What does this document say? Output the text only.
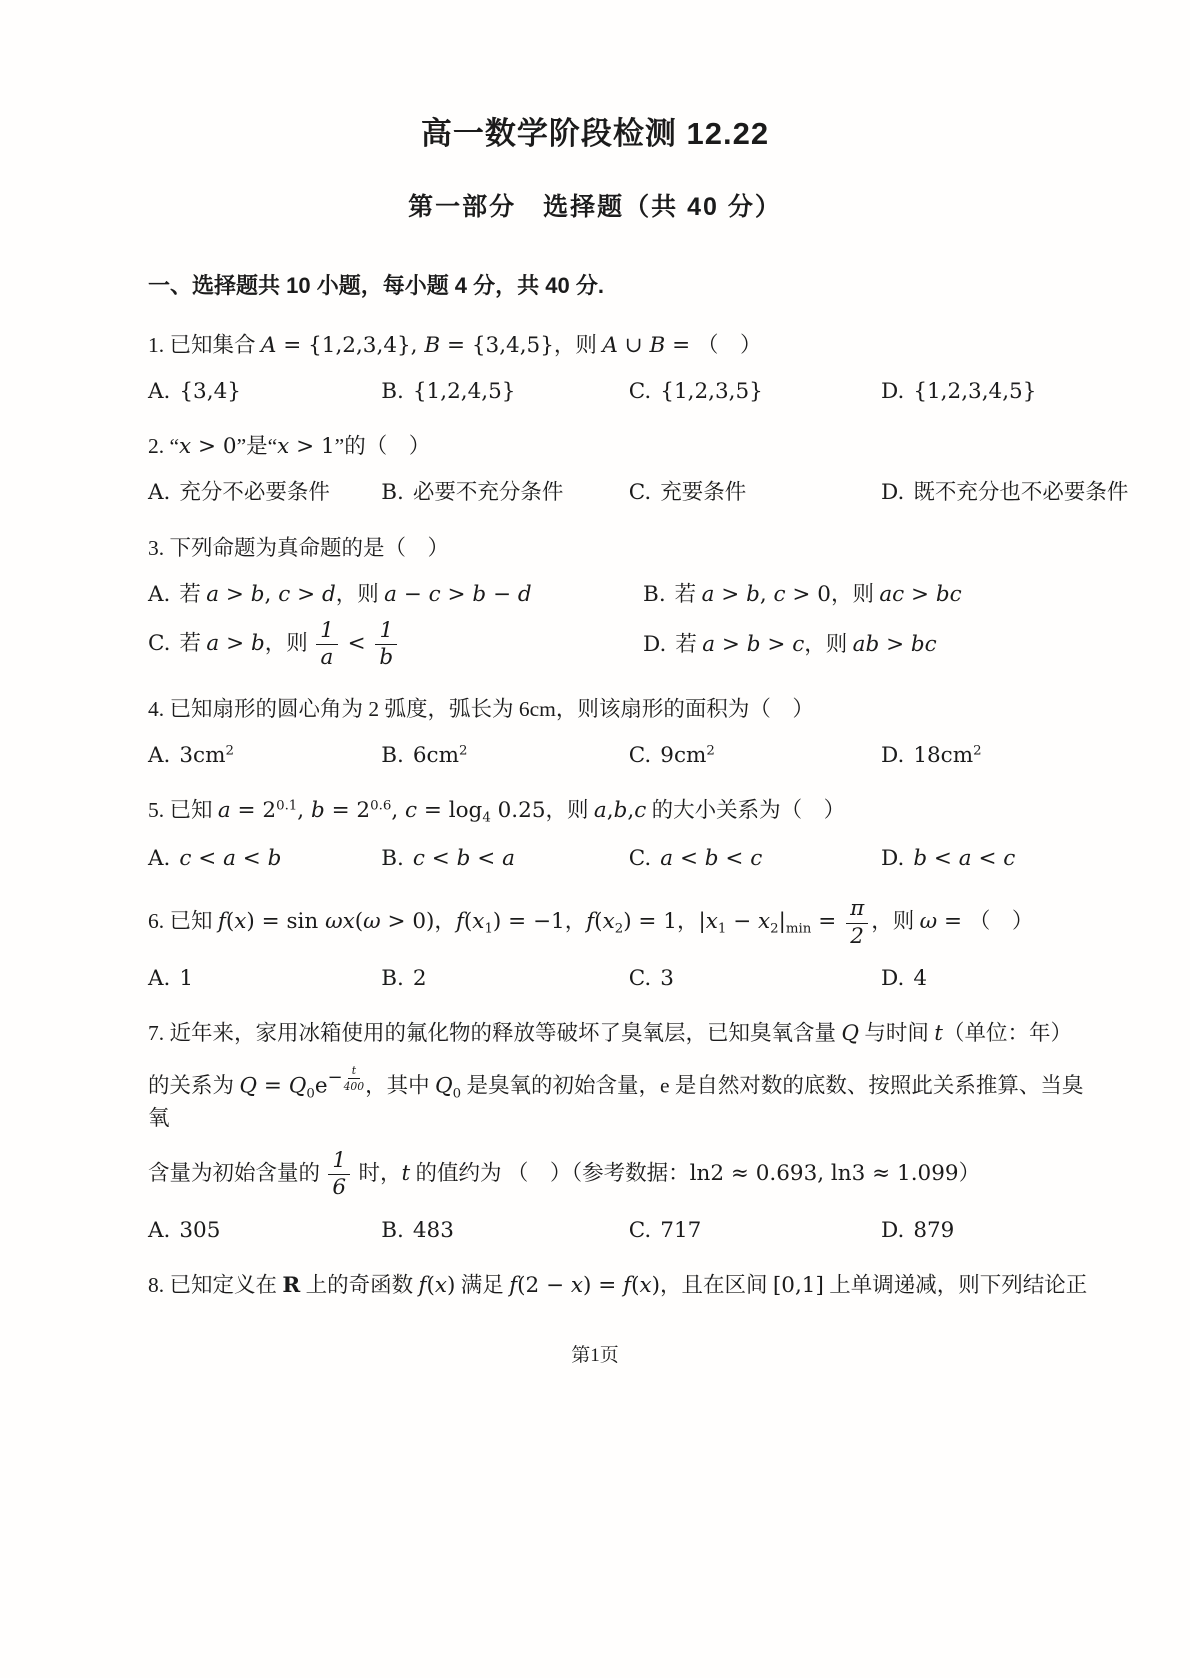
高一数学阶段检测 12.22
第一部分　选择题（共 40 分）
一、选择题共 10 小题，每小题 4 分，共 40 分.
1. 已知集合 A = {1,2,3,4}, B = {3,4,5}，则 A ∪ B = （　）
A. {3,4}	B. {1,2,4,5}	C. {1,2,3,5}	D. {1,2,3,4,5}
2. “x > 0”是“x > 1”的（　）
A. 充分不必要条件	B. 必要不充分条件	C. 充要条件	D. 既不充分也不必要条件
3. 下列命题为真命题的是（　）
A. 若 a > b, c > d，则 a − c > b − d	B. 若 a > b, c > 0，则 ac > bc
C. 若 a > b，则 $\frac{1}{a} < \frac{1}{b}$	D. 若 a > b > c，则 ab > bc
4. 已知扇形的圆心角为 2 弧度，弧长为 6cm，则该扇形的面积为（　）
A. $3cm^2$	B. $6cm^2$	C. $9cm^2$	D. $18cm^2$
5. 已知 $a = 2^{0.1}$, $b = 2^{0.6}$, $c = \log_4 0.25$，则 a,b,c 的大小关系为（　）
A. c < a < b	B. c < b < a	C. a < b < c	D. b < a < c
6. 已知 f(x) = sin ωx(ω > 0)，$f(x_1) = -1$，$f(x_2) = 1$，$|x_1 - x_2|_{min} = \frac{\pi}{2}$ ，则 ω = （　）
A. 1	B. 2	C. 3	D. 4
7. 近年来，家用冰箱使用的氟化物的释放等破坏了臭氧层，已知臭氧含量 Q 与时间 t（单位：年）
的关系为 $Q = Q_0e^{- \frac{t}{400}}$ ，其中 $Q_0$ 是臭氧的初始含量，e 是自然对数的底数、按照此关系推算、当臭氧
含量为初始含量的 $\frac{1}{6}$ 时，t 的值约为 （　）（参考数据：ln2 ≈ 0.693, ln3 ≈ 1.099）
A. 305	B. 483	C. 717	D. 879
8. 已知定义在 R 上的奇函数 f(x) 满足 f(2 − x) = f(x)，且在区间 [0,1] 上单调递减，则下列结论正
第1页
